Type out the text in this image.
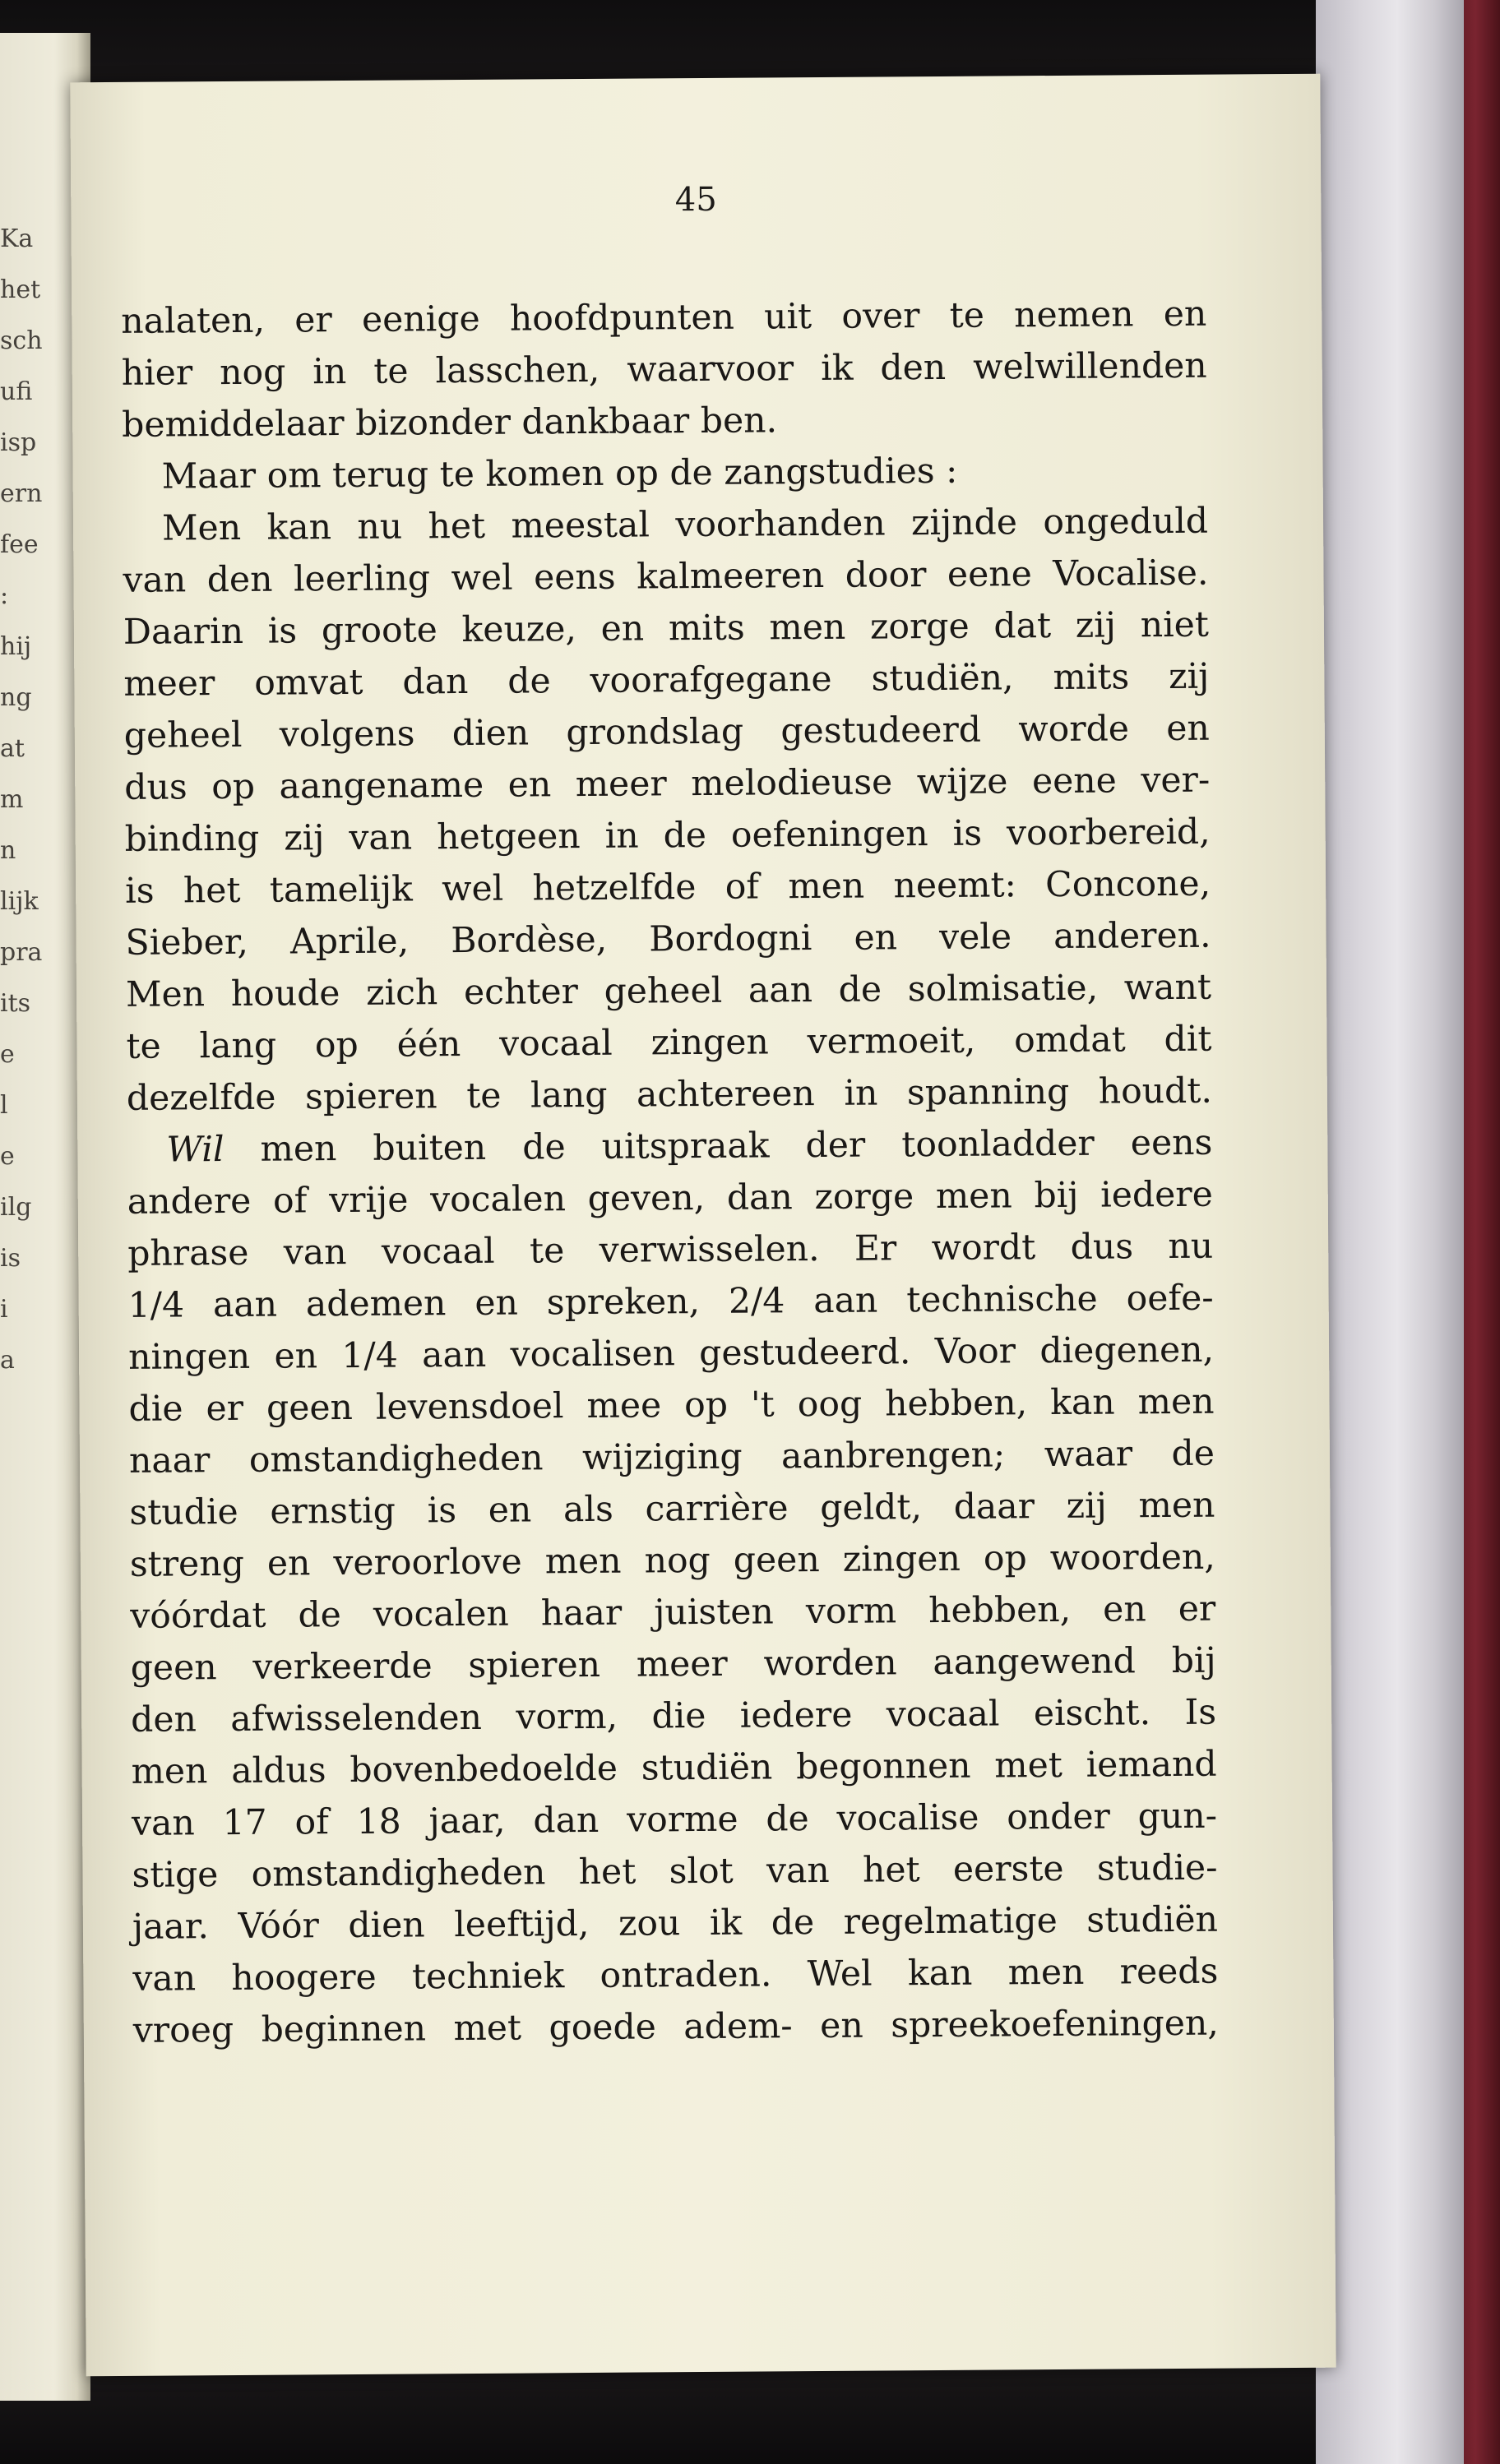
Ka
het
sch
ufi
isp
ern
fee
:
hij
ng
at
m
n
lijk
pra
its
e
l
e
ilg
is
i
a

45

nalaten, er eenige hoofdpunten uit over te nemen en
hier nog in te lasschen, waarvoor ik den welwillenden
bemiddelaar bizonder dankbaar ben.
Maar om terug te komen op de zangstudies :
Men kan nu het meestal voorhanden zijnde ongeduld
van den leerling wel eens kalmeeren door eene Vocalise.
Daarin is groote keuze, en mits men zorge dat zij niet
meer omvat dan de voorafgegane studiën, mits zij
geheel volgens dien grondslag gestudeerd worde en
dus op aangename en meer melodieuse wijze eene ver-
binding zij van hetgeen in de oefeningen is voorbereid,
is het tamelijk wel hetzelfde of men neemt: Concone,
Sieber, Aprile, Bordèse, Bordogni en vele anderen.
Men houde zich echter geheel aan de solmisatie, want
te lang op één vocaal zingen vermoeit, omdat dit
dezelfde spieren te lang achtereen in spanning houdt.
Wil men buiten de uitspraak der toonladder eens
andere of vrije vocalen geven, dan zorge men bij iedere
phrase van vocaal te verwisselen. Er wordt dus nu
1/4 aan ademen en spreken, 2/4 aan technische oefe-
ningen en 1/4 aan vocalisen gestudeerd. Voor diegenen,
die er geen levensdoel mee op 't oog hebben, kan men
naar omstandigheden wijziging aanbrengen; waar de
studie ernstig is en als carrière geldt, daar zij men
streng en veroorlove men nog geen zingen op woorden,
vóórdat de vocalen haar juisten vorm hebben, en er
geen verkeerde spieren meer worden aangewend bij
den afwisselenden vorm, die iedere vocaal eischt. Is
men aldus bovenbedoelde studiën begonnen met iemand
van 17 of 18 jaar, dan vorme de vocalise onder gun-
stige omstandigheden het slot van het eerste studie-
jaar. Vóór dien leeftijd, zou ik de regelmatige studiën
van hoogere techniek ontraden. Wel kan men reeds
vroeg beginnen met goede adem- en spreekoefeningen,
